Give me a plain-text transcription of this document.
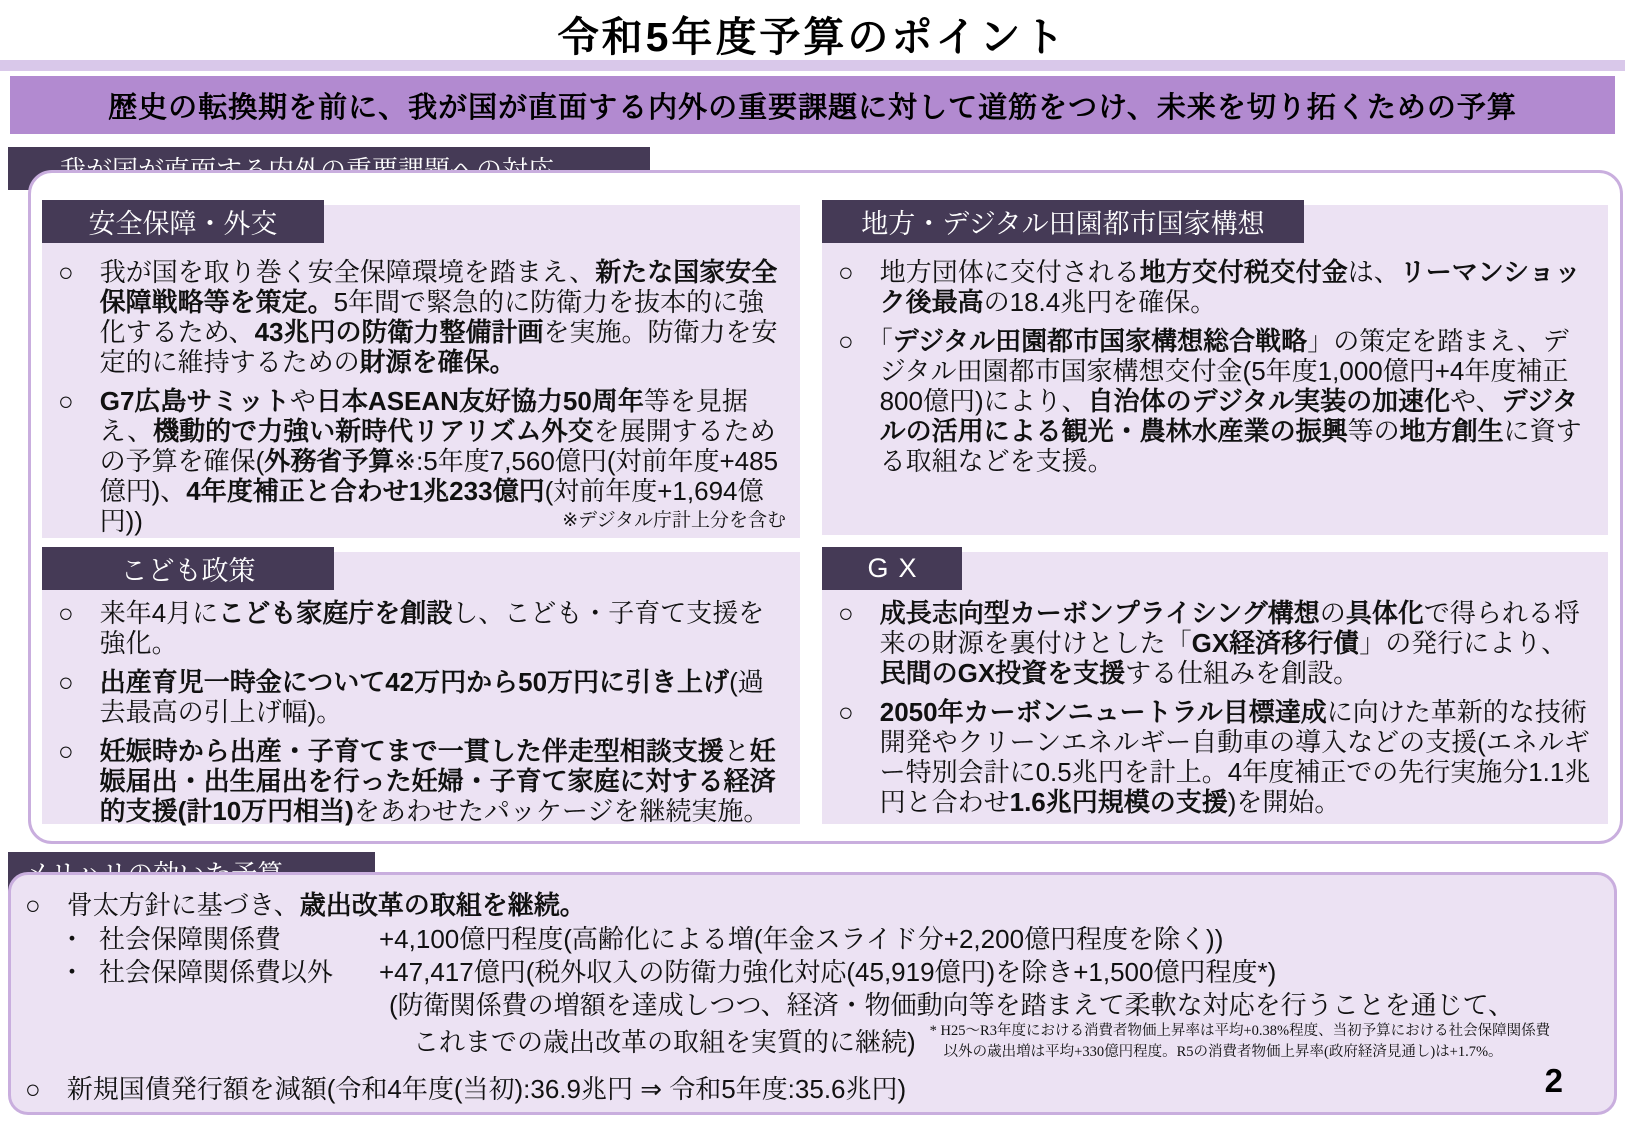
令和5年度予算のポイント
歴史の転換期を前に、我が国が直面する内外の重要課題に対して道筋をつけ、未来を切り拓くための予算
安全保障・外交
○　我が国を取り巻く安全保障環境を踏まえ、新たな国家安全保障戦略等を策定。5年間で緊急的に防衛力を抜本的に強化するため、43兆円の防衛力整備計画を実施。防衛力を安定的に維持するための財源を確保。
○　 G7広島サミットや日本ASEAN友好協力50周年等を見据え、機動的で力強い新時代リアリズム外交を展開するための予算を確保(外務省予算※:5年度7,560億円(対前年度+485億円)、4年度補正と合わせ1兆233億円(対前年度+1,694億円))	※デジタル庁計上分を含む
地方・デジタル田園都市国家構想
○　地方団体に交付される地方交付税交付金は、リーマンショック後最高の18.4兆円を確保。
○　「デジタル田園都市国家構想総合戦略」の策定を踏まえ、デジタル田園都市国家構想交付金(5年度1,000億円+4年度補正800億円)により、自治体のデジタル実装の加速化や、デジタルの活用による観光・農林水産業の振興等の地方創生に資する取組などを支援。
こども政策
○　来年4月にこども家庭庁を創設し、こども・子育て支援を強化。
○　 出産育児一時金について42万円から50万円に引き上げ(過去最高の引上げ幅)。
○　 妊娠時から出産・子育てまで一貫した伴走型相談支援と妊娠届出・出生届出を行った妊婦・子育て家庭に対する経済的支援(計10万円相当)をあわせたパッケージを継続実施。
GX
○　 成長志向型カーボンプライシング構想の具体化で得られる将来の財源を裏付けとした「GX経済移行債」の発行により、民間のGX投資を支援する仕組みを創設。
○　 2050年カーボンニュートラル目標達成に向けた革新的な技術開発やクリーンエネルギー自動車の導入などの支援(エネルギー特別会計に0.5兆円を計上。4年度補正での先行実施分1.1兆円と合わせ1.6兆円規模の支援)を開始。
○　骨太方針に基づき、歳出改革の取組を継続。
・ 社会保障関係費	+4,100億円程度(高齢化による増(年金スライド分+2,200億円程度を除く))
・ 社会保障関係費以外	+47,417億円(税外収入の防衛力強化対応(45,919億円)を除き+1,500億円程度*)
(防衛関係費の増額を達成しつつ、経済・物価動向等を踏まえて柔軟な対応を行うことを通じて、
これまでの歳出改革の取組を実質的に継続) * H25〜R3年度における消費者物価上昇率は平均+0.38%程度、当初予算における社会保障関係費
以外の歳出増は平均+330億円程度。R5の消費者物価上昇率(政府経済見通し)は+1.7%。
○　新規国債発行額を減額(令和4年度(当初):36.9兆円 ⇒ 令和5年度:35.6兆円)	2
